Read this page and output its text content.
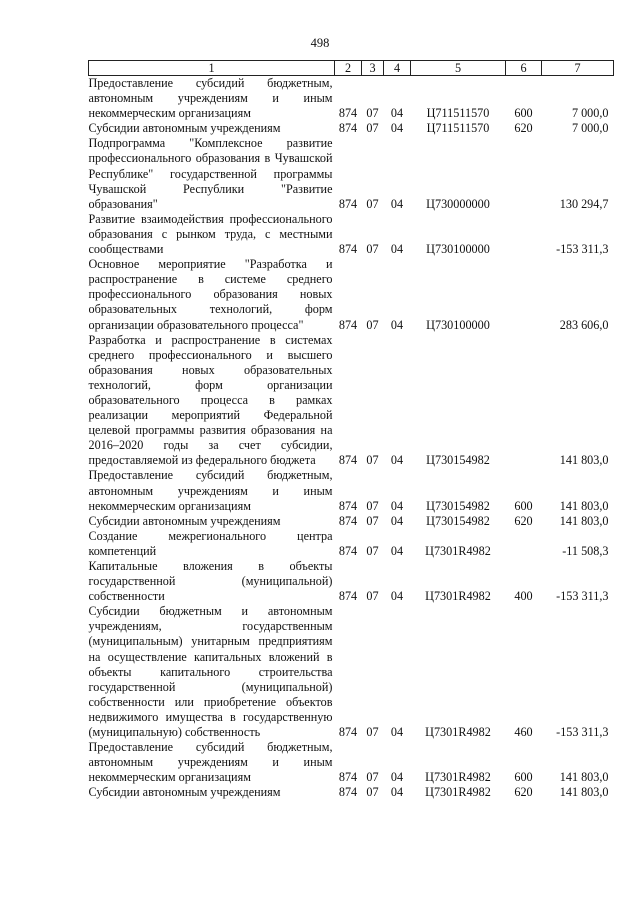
498
1	2	3	4	5	6	7
Предоставление субсидий бюджетным, автономным учреждениям и иным некоммерческим организациям	874	07	04	Ц711511570	600	7 000,0
Субсидии автономным учреждениям	874	07	04	Ц711511570	620	7 000,0
Подпрограмма "Комплексное развитие профессионального образования в Чувашской Республике" государственной программы Чувашской Республики "Развитие образования"	874	07	04	Ц730000000		130 294,7
Развитие взаимодействия профессионального образования с рынком труда, с местными сообществами	874	07	04	Ц730100000		-153 311,3
Основное мероприятие "Разработка и распространение в системе среднего профессионального образования новых образовательных технологий, форм организации образовательного процесса"	874	07	04	Ц730100000		283 606,0
Разработка и распространение в системах среднего профессионального и высшего образования новых образовательных технологий, форм организации образовательного процесса в рамках реализации мероприятий Федеральной целевой программы развития образования на 2016–2020 годы за счет субсидии, предоставляемой из федерального бюджета	874	07	04	Ц730154982		141 803,0
Предоставление субсидий бюджетным, автономным учреждениям и иным некоммерческим организациям	874	07	04	Ц730154982	600	141 803,0
Субсидии автономным учреждениям	874	07	04	Ц730154982	620	141 803,0
Создание межрегионального центра компетенций	874	07	04	Ц7301R4982		-11 508,3
Капитальные вложения в объекты государственной (муниципальной) собственности	874	07	04	Ц7301R4982	400	-153 311,3
Субсидии бюджетным и автономным учреждениям, государственным (муниципальным) унитарным предприятиям на осуществление капитальных вложений в объекты капитального строительства государственной (муниципальной) собственности или приобретение объектов недвижимого имущества в государственную (муниципальную) собственность	874	07	04	Ц7301R4982	460	-153 311,3
Предоставление субсидий бюджетным, автономным учреждениям и иным некоммерческим организациям	874	07	04	Ц7301R4982	600	141 803,0
Субсидии автономным учреждениям	874	07	04	Ц7301R4982	620	141 803,0
